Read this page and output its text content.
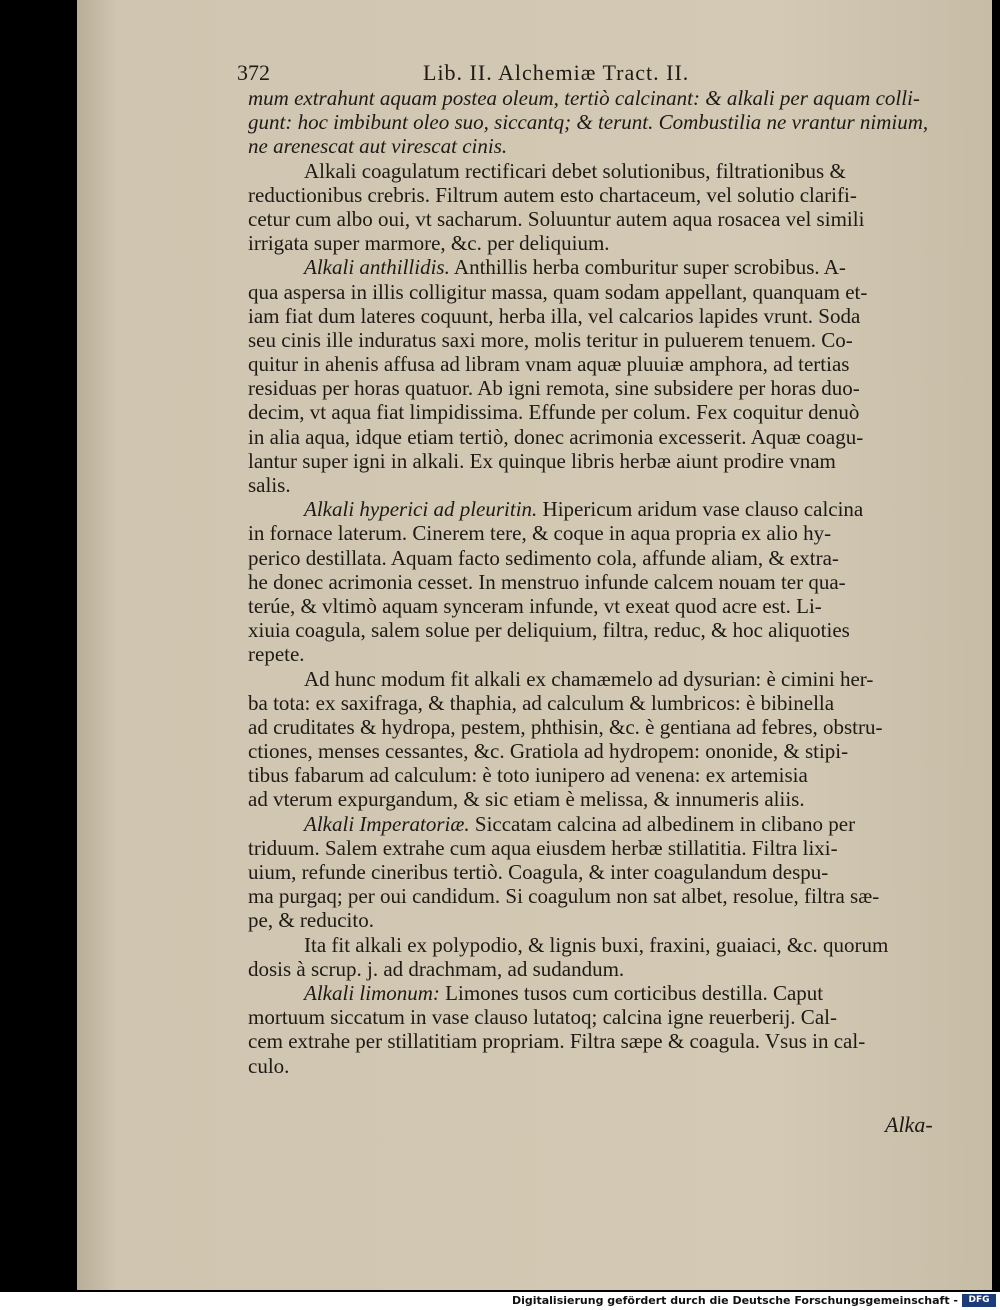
372	Lib. II. Alchemiæ Tract. II.
mum extrahunt aquam postea oleum, tertiò calcinant: & alkali per aquam colli-
gunt: hoc imbibunt oleo suo, siccantq; & terunt. Combustilia ne vrantur nimium,
ne arenescat aut virescat cinis.
Alkali coagulatum rectificari debet solutionibus, filtrationibus &
reductionibus crebris. Filtrum autem esto chartaceum, vel solutio clarifi-
cetur cum albo oui, vt sacharum. Soluuntur autem aqua rosacea vel simili
irrigata super marmore, &c. per deliquium.
Alkali anthillidis. Anthillis herba comburitur super scrobibus. A-
qua aspersa in illis colligitur massa, quam sodam appellant, quanquam et-
iam fiat dum lateres coquunt, herba illa, vel calcarios lapides vrunt. Soda
seu cinis ille induratus saxi more, molis teritur in puluerem tenuem. Co-
quitur in ahenis affusa ad libram vnam aquæ pluuiæ amphora, ad tertias
residuas per horas quatuor. Ab igni remota, sine subsidere per horas duo-
decim, vt aqua fiat limpidissima. Effunde per colum. Fex coquitur denuò
in alia aqua, idque etiam tertiò, donec acrimonia excesserit. Aquæ coagu-
lantur super igni in alkali. Ex quinque libris herbæ aiunt prodire vnam
salis.
Alkali hyperici ad pleuritin. Hipericum aridum vase clauso calcina
in fornace laterum. Cinerem tere, & coque in aqua propria ex alio hy-
perico destillata. Aquam facto sedimento cola, affunde aliam, & extra-
he donec acrimonia cesset. In menstruo infunde calcem nouam ter qua-
terúe, & vltimò aquam synceram infunde, vt exeat quod acre est. Li-
xiuia coagula, salem solue per deliquium, filtra, reduc, & hoc aliquoties
repete.
Ad hunc modum fit alkali ex chamæmelo ad dysurian: è cimini her-
ba tota: ex saxifraga, & thaphia, ad calculum & lumbricos: è bibinella
ad cruditates & hydropa, pestem, phthisin, &c. è gentiana ad febres, obstru-
ctiones, menses cessantes, &c. Gratiola ad hydropem: ononide, & stipi-
tibus fabarum ad calculum: è toto iunipero ad venena: ex artemisia
ad vterum expurgandum, & sic etiam è melissa, & innumeris aliis.
Alkali Imperatoriæ. Siccatam calcina ad albedinem in clibano per
triduum. Salem extrahe cum aqua eiusdem herbæ stillatitia. Filtra lixi-
uium, refunde cineribus tertiò. Coagula, & inter coagulandum despu-
ma purgaq; per oui candidum. Si coagulum non sat albet, resolue, filtra sæ-
pe, & reducito.
Ita fit alkali ex polypodio, & lignis buxi, fraxini, guaiaci, &c. quorum
dosis à scrup. j. ad drachmam, ad sudandum.
Alkali limonum: Limones tusos cum corticibus destilla. Caput
mortuum siccatum in vase clauso lutatoq; calcina igne reuerberij. Cal-
cem extrahe per stillatitiam propriam. Filtra sæpe & coagula. Vsus in cal-
culo.
Alka-
Digitalisierung gefördert durch die Deutsche Forschungsgemeinschaft -	DFG
